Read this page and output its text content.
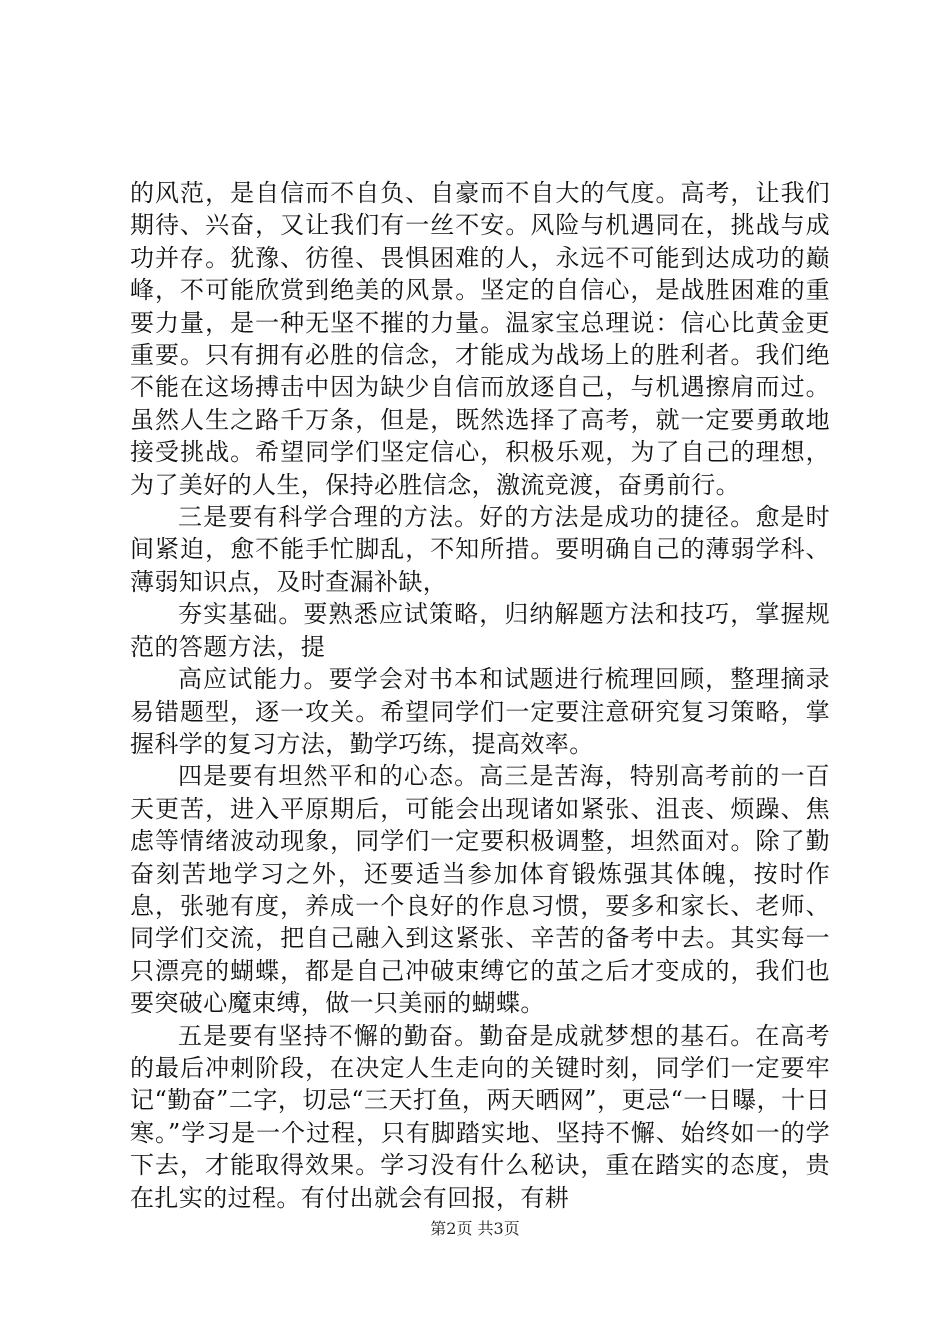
的风范，是自信而不自负、自豪而不自大的气度。高考，让我们期待、兴奋，又让我们有一丝不安。风险与机遇同在，挑战与成功并存。犹豫、彷徨、畏惧困难的人，永远不可能到达成功的巅峰，不可能欣赏到绝美的风景。坚定的自信心，是战胜困难的重要力量，是一种无坚不摧的力量。温家宝总理说：信心比黄金更重要。只有拥有必胜的信念，才能成为战场上的胜利者。我们绝不能在这场搏击中因为缺少自信而放逐自己，与机遇擦肩而过。虽然人生之路千万条，但是，既然选择了高考，就一定要勇敢地接受挑战。希望同学们坚定信心，积极乐观，为了自己的理想，为了美好的人生，保持必胜信念，激流竞渡，奋勇前行。

三是要有科学合理的方法。好的方法是成功的捷径。愈是时间紧迫，愈不能手忙脚乱，不知所措。要明确自己的薄弱学科、薄弱知识点，及时查漏补缺，

夯实基础。要熟悉应试策略，归纳解题方法和技巧，掌握规范的答题方法，提

高应试能力。要学会对书本和试题进行梳理回顾，整理摘录易错题型，逐一攻关。希望同学们一定要注意研究复习策略，掌握科学的复习方法，勤学巧练，提高效率。

四是要有坦然平和的心态。高三是苦海，特别高考前的一百天更苦，进入平原期后，可能会出现诸如紧张、沮丧、烦躁、焦虑等情绪波动现象，同学们一定要积极调整，坦然面对。除了勤奋刻苦地学习之外，还要适当参加体育锻炼强其体魄，按时作息，张驰有度，养成一个良好的作息习惯，要多和家长、老师、同学们交流，把自己融入到这紧张、辛苦的备考中去。其实每一只漂亮的蝴蝶，都是自己冲破束缚它的茧之后才变成的，我们也要突破心魔束缚，做一只美丽的蝴蝶。

五是要有坚持不懈的勤奋。勤奋是成就梦想的基石。在高考的最后冲刺阶段，在决定人生走向的关键时刻，同学们一定要牢记“勤奋”二字，切忌“三天打鱼，两天晒网”，更忌“一日曝，十日寒。”学习是一个过程，只有脚踏实地、坚持不懈、始终如一的学下去，才能取得效果。学习没有什么秘诀，重在踏实的态度，贵在扎实的过程。有付出就会有回报，有耕

第2页 共3页
